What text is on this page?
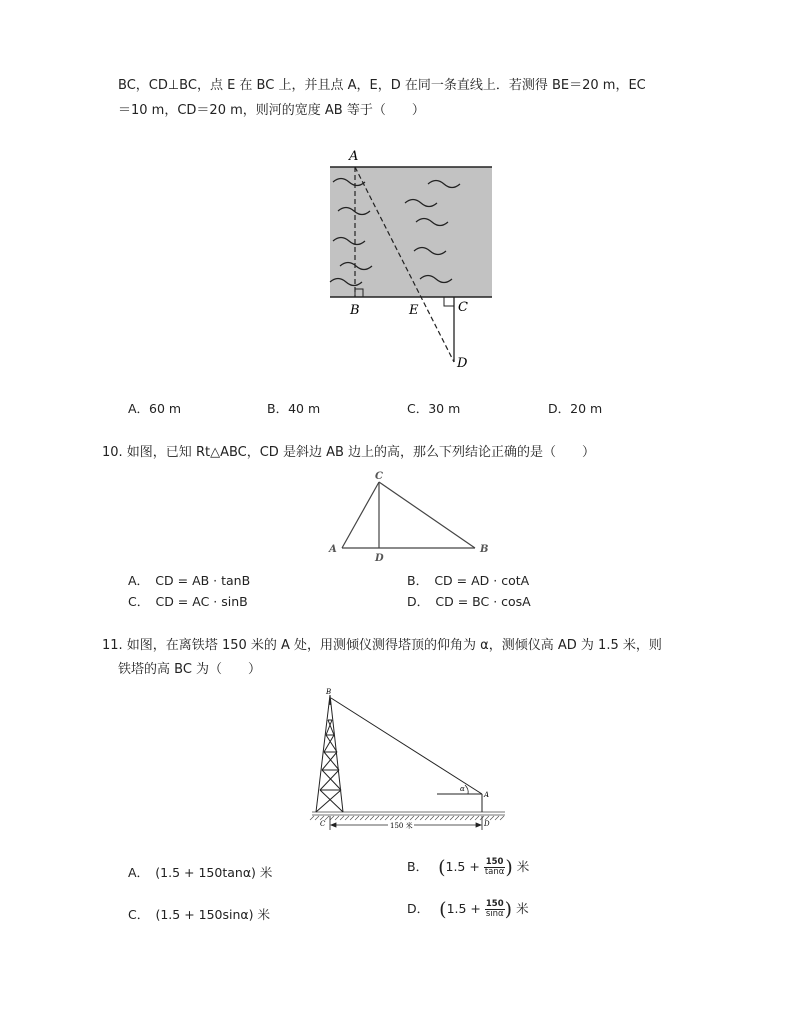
BC，CD⊥BC，点 E 在 BC 上，并且点 A，E，D 在同一条直线上．若测得 BE＝20 m，EC
＝10 m，CD＝20 m，则河的宽度 AB 等于（　　）
A
B	E	C
D
A．60 m	B．40 m	C．30 m	D．20 m
10. 如图，已知 Rt△ABC，CD 是斜边 AB 边上的高，那么下列结论正确的是（　　）
C
A
D
B
A．　CD = AB · tanB	B．　CD = AD · cotA
C．　CD = AC · sinB	D．　CD = BC · cosA
11. 如图，在离铁塔 150 米的 A 处，用测倾仪测得塔顶的仰角为 α，测倾仪高 AD 为 1.5 米，则
铁塔的高 BC 为（　　）
B
α
A
C	D
150 米
A．　(1.5 + 150tanα) 米	B． ($1.5 + \frac{150}{\tan\alpha}$ ) 米
C．　(1.5 + 150sinα) 米	D． ($1.5 + \frac{150}{\sin\alpha}$ ) 米
